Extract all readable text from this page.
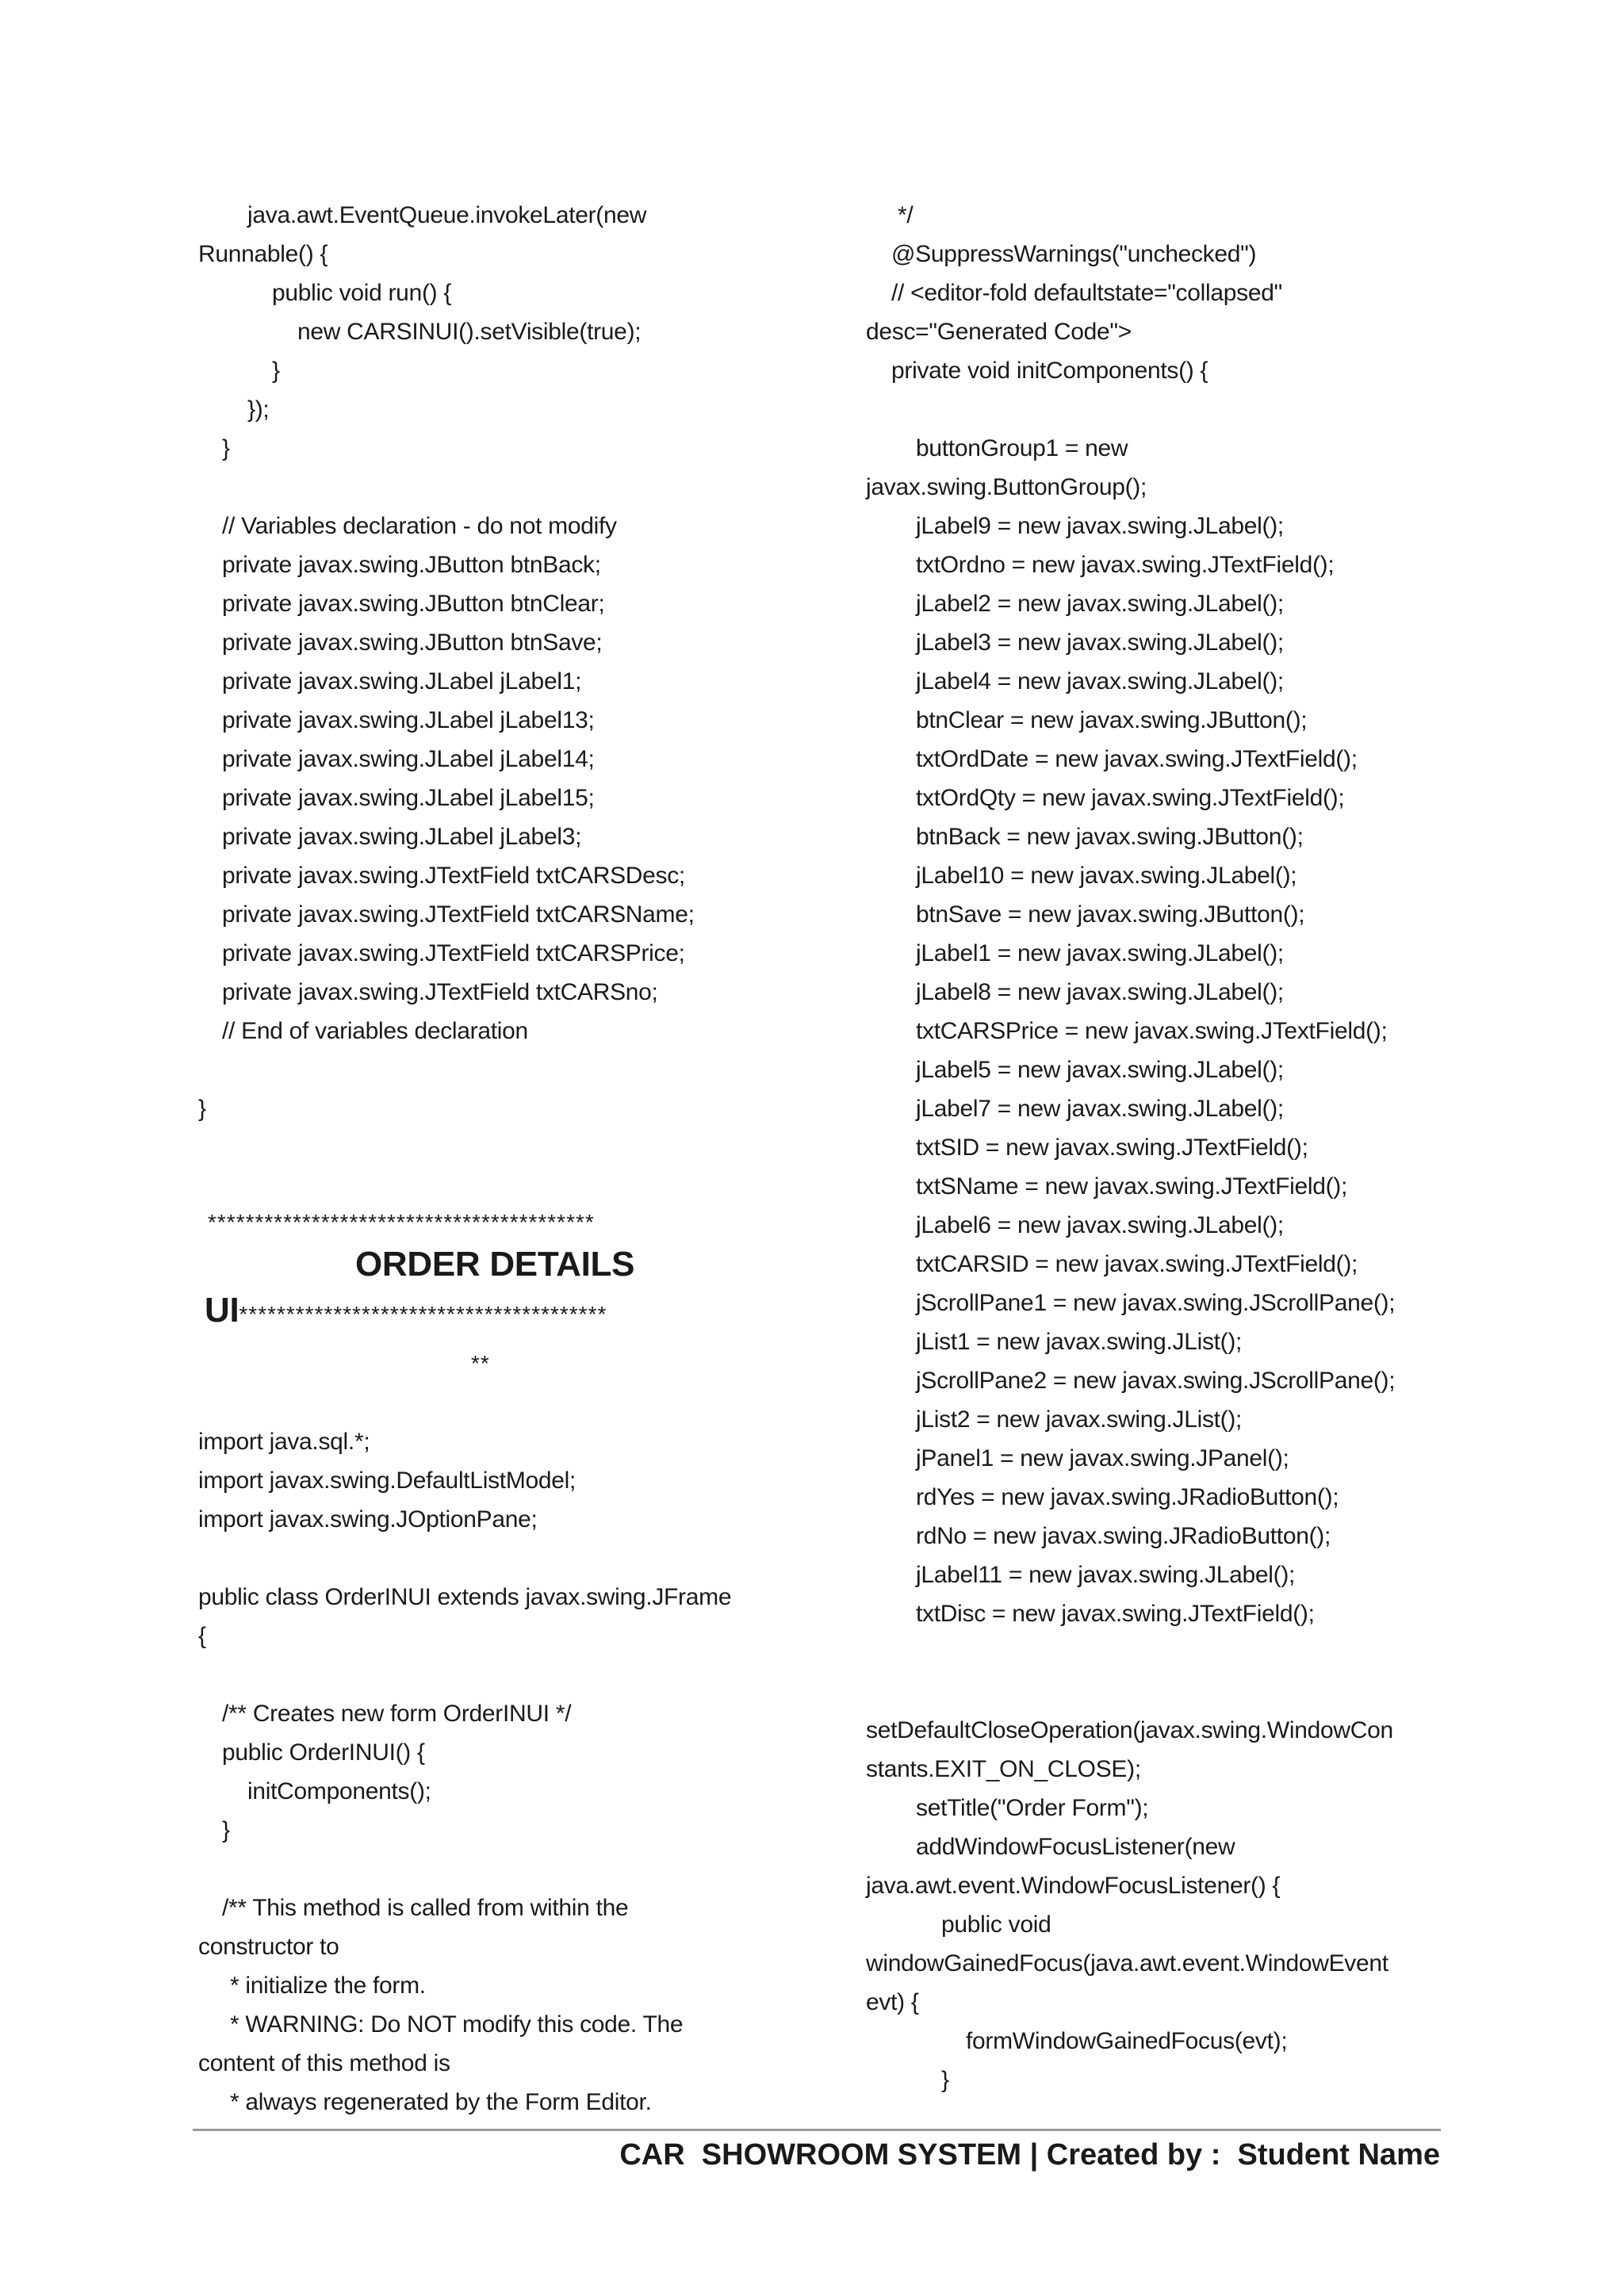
java.awt.EventQueue.invokeLater(new
Runnable() {
public void run() {
new CARSINUI().setVisible(true);
}
});
}
// Variables declaration - do not modify
private javax.swing.JButton btnBack;
private javax.swing.JButton btnClear;
private javax.swing.JButton btnSave;
private javax.swing.JLabel jLabel1;
private javax.swing.JLabel jLabel13;
private javax.swing.JLabel jLabel14;
private javax.swing.JLabel jLabel15;
private javax.swing.JLabel jLabel3;
private javax.swing.JTextField txtCARSDesc;
private javax.swing.JTextField txtCARSName;
private javax.swing.JTextField txtCARSPrice;
private javax.swing.JTextField txtCARSno;
// End of variables declaration
}
*****************************************
ORDER DETAILS
UI***************************************
**
import java.sql.*;
import javax.swing.DefaultListModel;
import javax.swing.JOptionPane;
public class OrderINUI extends javax.swing.JFrame
{
/** Creates new form OrderINUI */
public OrderINUI() {
initComponents();
}
/** This method is called from within the
constructor to
* initialize the form.
* WARNING: Do NOT modify this code. The
content of this method is
* always regenerated by the Form Editor.
*/
@SuppressWarnings("unchecked")
// <editor-fold defaultstate="collapsed"
desc="Generated Code">
private void initComponents() {
buttonGroup1 = new
javax.swing.ButtonGroup();
jLabel9 = new javax.swing.JLabel();
txtOrdno = new javax.swing.JTextField();
jLabel2 = new javax.swing.JLabel();
jLabel3 = new javax.swing.JLabel();
jLabel4 = new javax.swing.JLabel();
btnClear = new javax.swing.JButton();
txtOrdDate = new javax.swing.JTextField();
txtOrdQty = new javax.swing.JTextField();
btnBack = new javax.swing.JButton();
jLabel10 = new javax.swing.JLabel();
btnSave = new javax.swing.JButton();
jLabel1 = new javax.swing.JLabel();
jLabel8 = new javax.swing.JLabel();
txtCARSPrice = new javax.swing.JTextField();
jLabel5 = new javax.swing.JLabel();
jLabel7 = new javax.swing.JLabel();
txtSID = new javax.swing.JTextField();
txtSName = new javax.swing.JTextField();
jLabel6 = new javax.swing.JLabel();
txtCARSID = new javax.swing.JTextField();
jScrollPane1 = new javax.swing.JScrollPane();
jList1 = new javax.swing.JList();
jScrollPane2 = new javax.swing.JScrollPane();
jList2 = new javax.swing.JList();
jPanel1 = new javax.swing.JPanel();
rdYes = new javax.swing.JRadioButton();
rdNo = new javax.swing.JRadioButton();
jLabel11 = new javax.swing.JLabel();
txtDisc = new javax.swing.JTextField();
setDefaultCloseOperation(javax.swing.WindowCon
stants.EXIT_ON_CLOSE);
setTitle("Order Form");
addWindowFocusListener(new
java.awt.event.WindowFocusListener() {
public void
windowGainedFocus(java.awt.event.WindowEvent
evt) {
formWindowGainedFocus(evt);
}
CAR  SHOWROOM SYSTEM | Created by :  Student Name
